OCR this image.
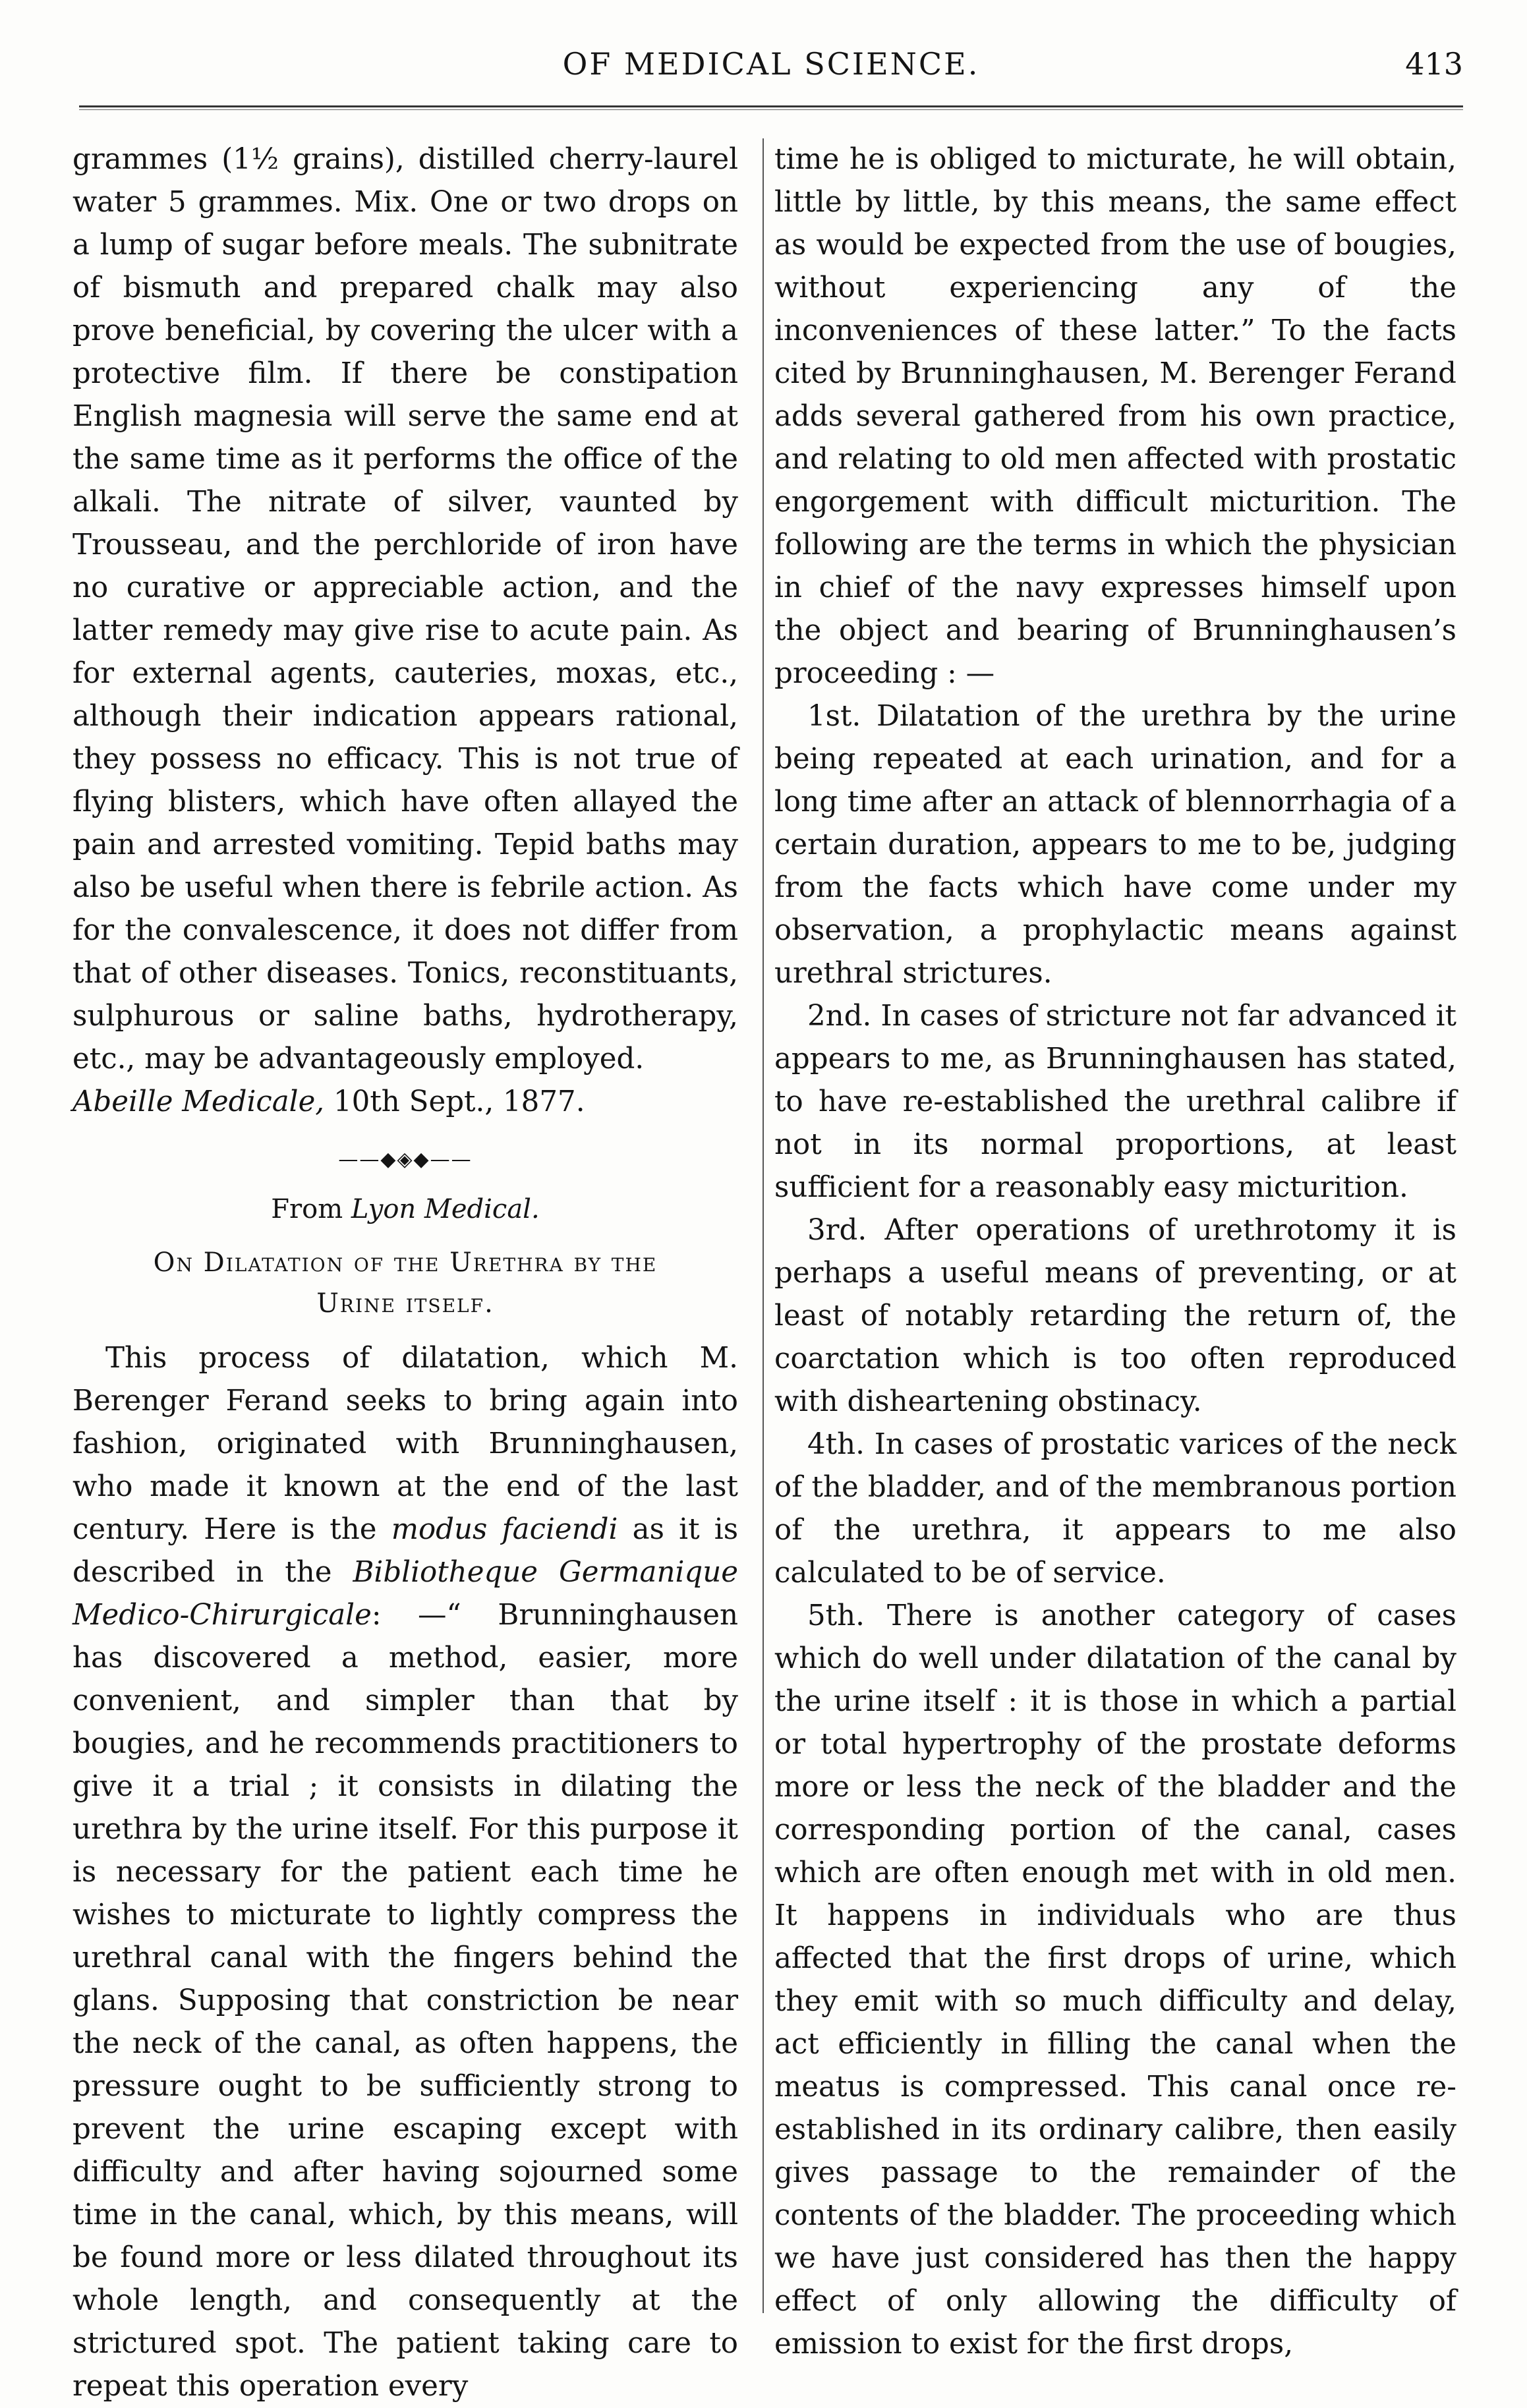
OF MEDICAL SCIENCE.	413

grammes (1½ grains), distilled cherry-laurel water 5 grammes. Mix. One or two drops on a lump of sugar before meals. The subnitrate of bismuth and prepared chalk may also prove beneficial, by covering the ulcer with a protective film. If there be constipation English magnesia will serve the same end at the same time as it performs the office of the alkali. The nitrate of silver, vaunted by Trousseau, and the perchloride of iron have no curative or appreciable action, and the latter remedy may give rise to acute pain. As for external agents, cauteries, moxas, etc., although their indication appears rational, they possess no efficacy. This is not true of flying blisters, which have often allayed the pain and arrested vomiting. Tepid baths may also be useful when there is febrile action. As for the convalescence, it does not differ from that of other diseases. Tonics, reconstituants, sulphurous or saline baths, hydrotherapy, etc., may be advantageously employed.

Abeille Medicale, 10th Sept., 1877.

——◆◈◆——
From Lyon Medical.
On Dilatation of the Urethra by the
Urine itself.

This process of dilatation, which M. Berenger Ferand seeks to bring again into fashion, originated with Brunninghausen, who made it known at the end of the last century. Here is the modus faciendi as it is described in the Bibliotheque Germanique Medico-Chirurgicale: —“ Brunninghausen has discovered a method, easier, more convenient, and simpler than that by bougies, and he recommends practitioners to give it a trial ; it consists in dilating the urethra by the urine itself. For this purpose it is necessary for the patient each time he wishes to micturate to lightly compress the urethral canal with the fingers behind the glans. Supposing that constriction be near the neck of the canal, as often happens, the pressure ought to be sufficiently strong to prevent the urine escaping except with difficulty and after having sojourned some time in the canal, which, by this means, will be found more or less dilated throughout its whole length, and consequently at the strictured spot. The patient taking care to repeat this operation every

time he is obliged to micturate, he will obtain, little by little, by this means, the same effect as would be expected from the use of bougies, without experiencing any of the inconveniences of these latter.” To the facts cited by Brunninghausen, M. Berenger Ferand adds several gathered from his own practice, and relating to old men affected with prostatic engorgement with difficult micturition. The following are the terms in which the physician in chief of the navy expresses himself upon the object and bearing of Brunninghausen’s proceeding : —

1st. Dilatation of the urethra by the urine being repeated at each urination, and for a long time after an attack of blennorrhagia of a certain duration, appears to me to be, judging from the facts which have come under my observation, a prophylactic means against urethral strictures.

2nd. In cases of stricture not far advanced it appears to me, as Brunninghausen has stated, to have re-established the urethral calibre if not in its normal proportions, at least sufficient for a reasonably easy micturition.

3rd. After operations of urethrotomy it is perhaps a useful means of preventing, or at least of notably retarding the return of, the coarctation which is too often reproduced with disheartening obstinacy.

4th. In cases of prostatic varices of the neck of the bladder, and of the membranous portion of the urethra, it appears to me also calculated to be of service.

5th. There is another category of cases which do well under dilatation of the canal by the urine itself : it is those in which a partial or total hypertrophy of the prostate deforms more or less the neck of the bladder and the corresponding portion of the canal, cases which are often enough met with in old men. It happens in individuals who are thus affected that the first drops of urine, which they emit with so much difficulty and delay, act efficiently in filling the canal when the meatus is compressed. This canal once re-established in its ordinary calibre, then easily gives passage to the remainder of the contents of the bladder. The proceeding which we have just considered has then the happy effect of only allowing the difficulty of emission to exist for the first drops,
